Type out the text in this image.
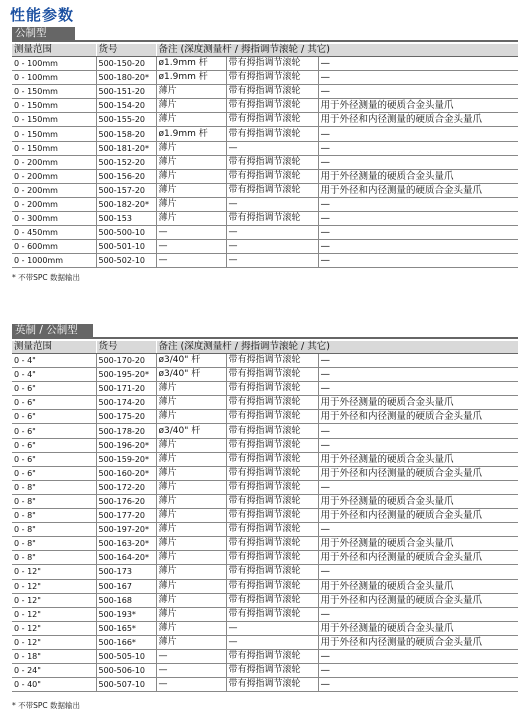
性能参数
公制型
测量范围	货号	备注 (深度测量杆 / 拇指调节滚轮 / 其它)		
0 - 100mm	500-150-20	ø1.9mm 杆	带有拇指调节滚轮	—
0 - 100mm	500-180-20*	ø1.9mm 杆	带有拇指调节滚轮	—
0 - 150mm	500-151-20	薄片	带有拇指调节滚轮	—
0 - 150mm	500-154-20	薄片	带有拇指调节滚轮	用于外径测量的硬质合金头量爪
0 - 150mm	500-155-20	薄片	带有拇指调节滚轮	用于外径和内径测量的硬质合金头量爪
0 - 150mm	500-158-20	ø1.9mm 杆	带有拇指调节滚轮	—
0 - 150mm	500-181-20*	薄片	—	—
0 - 200mm	500-152-20	薄片	带有拇指调节滚轮	—
0 - 200mm	500-156-20	薄片	带有拇指调节滚轮	用于外径测量的硬质合金头量爪
0 - 200mm	500-157-20	薄片	带有拇指调节滚轮	用于外径和内径测量的硬质合金头量爪
0 - 200mm	500-182-20*	薄片	—	—
0 - 300mm	500-153	薄片	带有拇指调节滚轮	—
0 - 450mm	500-500-10	—	—	—
0 - 600mm	500-501-10	—	—	—
0 - 1000mm	500-502-10	—	—	—
* 不带SPC 数据输出
英制 / 公制型
测量范围	货号	备注 (深度测量杆 / 拇指调节滚轮 / 其它)		
0 - 4"	500-170-20	ø3/40" 杆	带有拇指调节滚轮	—
0 - 4"	500-195-20*	ø3/40" 杆	带有拇指调节滚轮	—
0 - 6"	500-171-20	薄片	带有拇指调节滚轮	—
0 - 6"	500-174-20	薄片	带有拇指调节滚轮	用于外径测量的硬质合金头量爪
0 - 6"	500-175-20	薄片	带有拇指调节滚轮	用于外径和内径测量的硬质合金头量爪
0 - 6"	500-178-20	ø3/40" 杆	带有拇指调节滚轮	—
0 - 6"	500-196-20*	薄片	带有拇指调节滚轮	—
0 - 6"	500-159-20*	薄片	带有拇指调节滚轮	用于外径测量的硬质合金头量爪
0 - 6"	500-160-20*	薄片	带有拇指调节滚轮	用于外径和内径测量的硬质合金头量爪
0 - 8"	500-172-20	薄片	带有拇指调节滚轮	—
0 - 8"	500-176-20	薄片	带有拇指调节滚轮	用于外径测量的硬质合金头量爪
0 - 8"	500-177-20	薄片	带有拇指调节滚轮	用于外径和内径测量的硬质合金头量爪
0 - 8"	500-197-20*	薄片	带有拇指调节滚轮	—
0 - 8"	500-163-20*	薄片	带有拇指调节滚轮	用于外径测量的硬质合金头量爪
0 - 8"	500-164-20*	薄片	带有拇指调节滚轮	用于外径和内径测量的硬质合金头量爪
0 - 12"	500-173	薄片	带有拇指调节滚轮	—
0 - 12"	500-167	薄片	带有拇指调节滚轮	用于外径测量的硬质合金头量爪
0 - 12"	500-168	薄片	带有拇指调节滚轮	用于外径和内径测量的硬质合金头量爪
0 - 12"	500-193*	薄片	带有拇指调节滚轮	—
0 - 12"	500-165*	薄片	—	用于外径测量的硬质合金头量爪
0 - 12"	500-166*	薄片	—	用于外径和内径测量的硬质合金头量爪
0 - 18"	500-505-10	—	带有拇指调节滚轮	—
0 - 24"	500-506-10	—	带有拇指调节滚轮	—
0 - 40"	500-507-10	—	带有拇指调节滚轮	—
* 不带SPC 数据输出
